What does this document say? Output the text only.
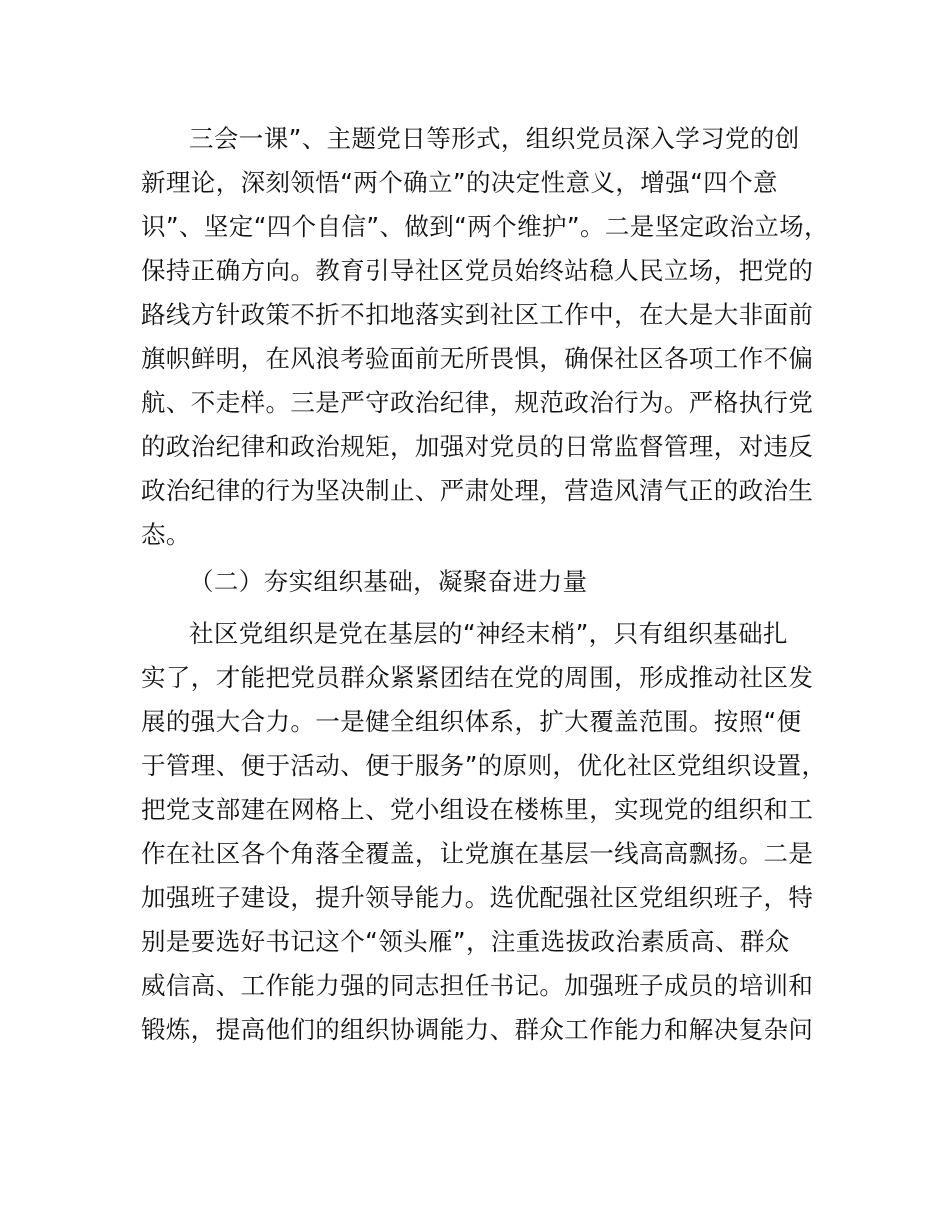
三会一课”、主题党日等形式，组织党员深入学习党的创
新理论，深刻领悟“两个确立”的决定性意义，增强“四个意
识”、坚定“四个自信”、做到“两个维护”。二是坚定政治立场，
保持正确方向。教育引导社区党员始终站稳人民立场，把党的
路线方针政策不折不扣地落实到社区工作中，在大是大非面前
旗帜鲜明，在风浪考验面前无所畏惧，确保社区各项工作不偏
航、不走样。三是严守政治纪律，规范政治行为。严格执行党
的政治纪律和政治规矩，加强对党员的日常监督管理，对违反
政治纪律的行为坚决制止、严肃处理，营造风清气正的政治生
态。
（二）夯实组织基础，凝聚奋进力量
社区党组织是党在基层的“神经末梢”，只有组织基础扎
实了，才能把党员群众紧紧团结在党的周围，形成推动社区发
展的强大合力。一是健全组织体系，扩大覆盖范围。按照“便
于管理、便于活动、便于服务”的原则，优化社区党组织设置，
把党支部建在网格上、党小组设在楼栋里，实现党的组织和工
作在社区各个角落全覆盖，让党旗在基层一线高高飘扬。二是
加强班子建设，提升领导能力。选优配强社区党组织班子，特
别是要选好书记这个“领头雁”，注重选拔政治素质高、群众
威信高、工作能力强的同志担任书记。加强班子成员的培训和
锻炼，提高他们的组织协调能力、群众工作能力和解决复杂问
